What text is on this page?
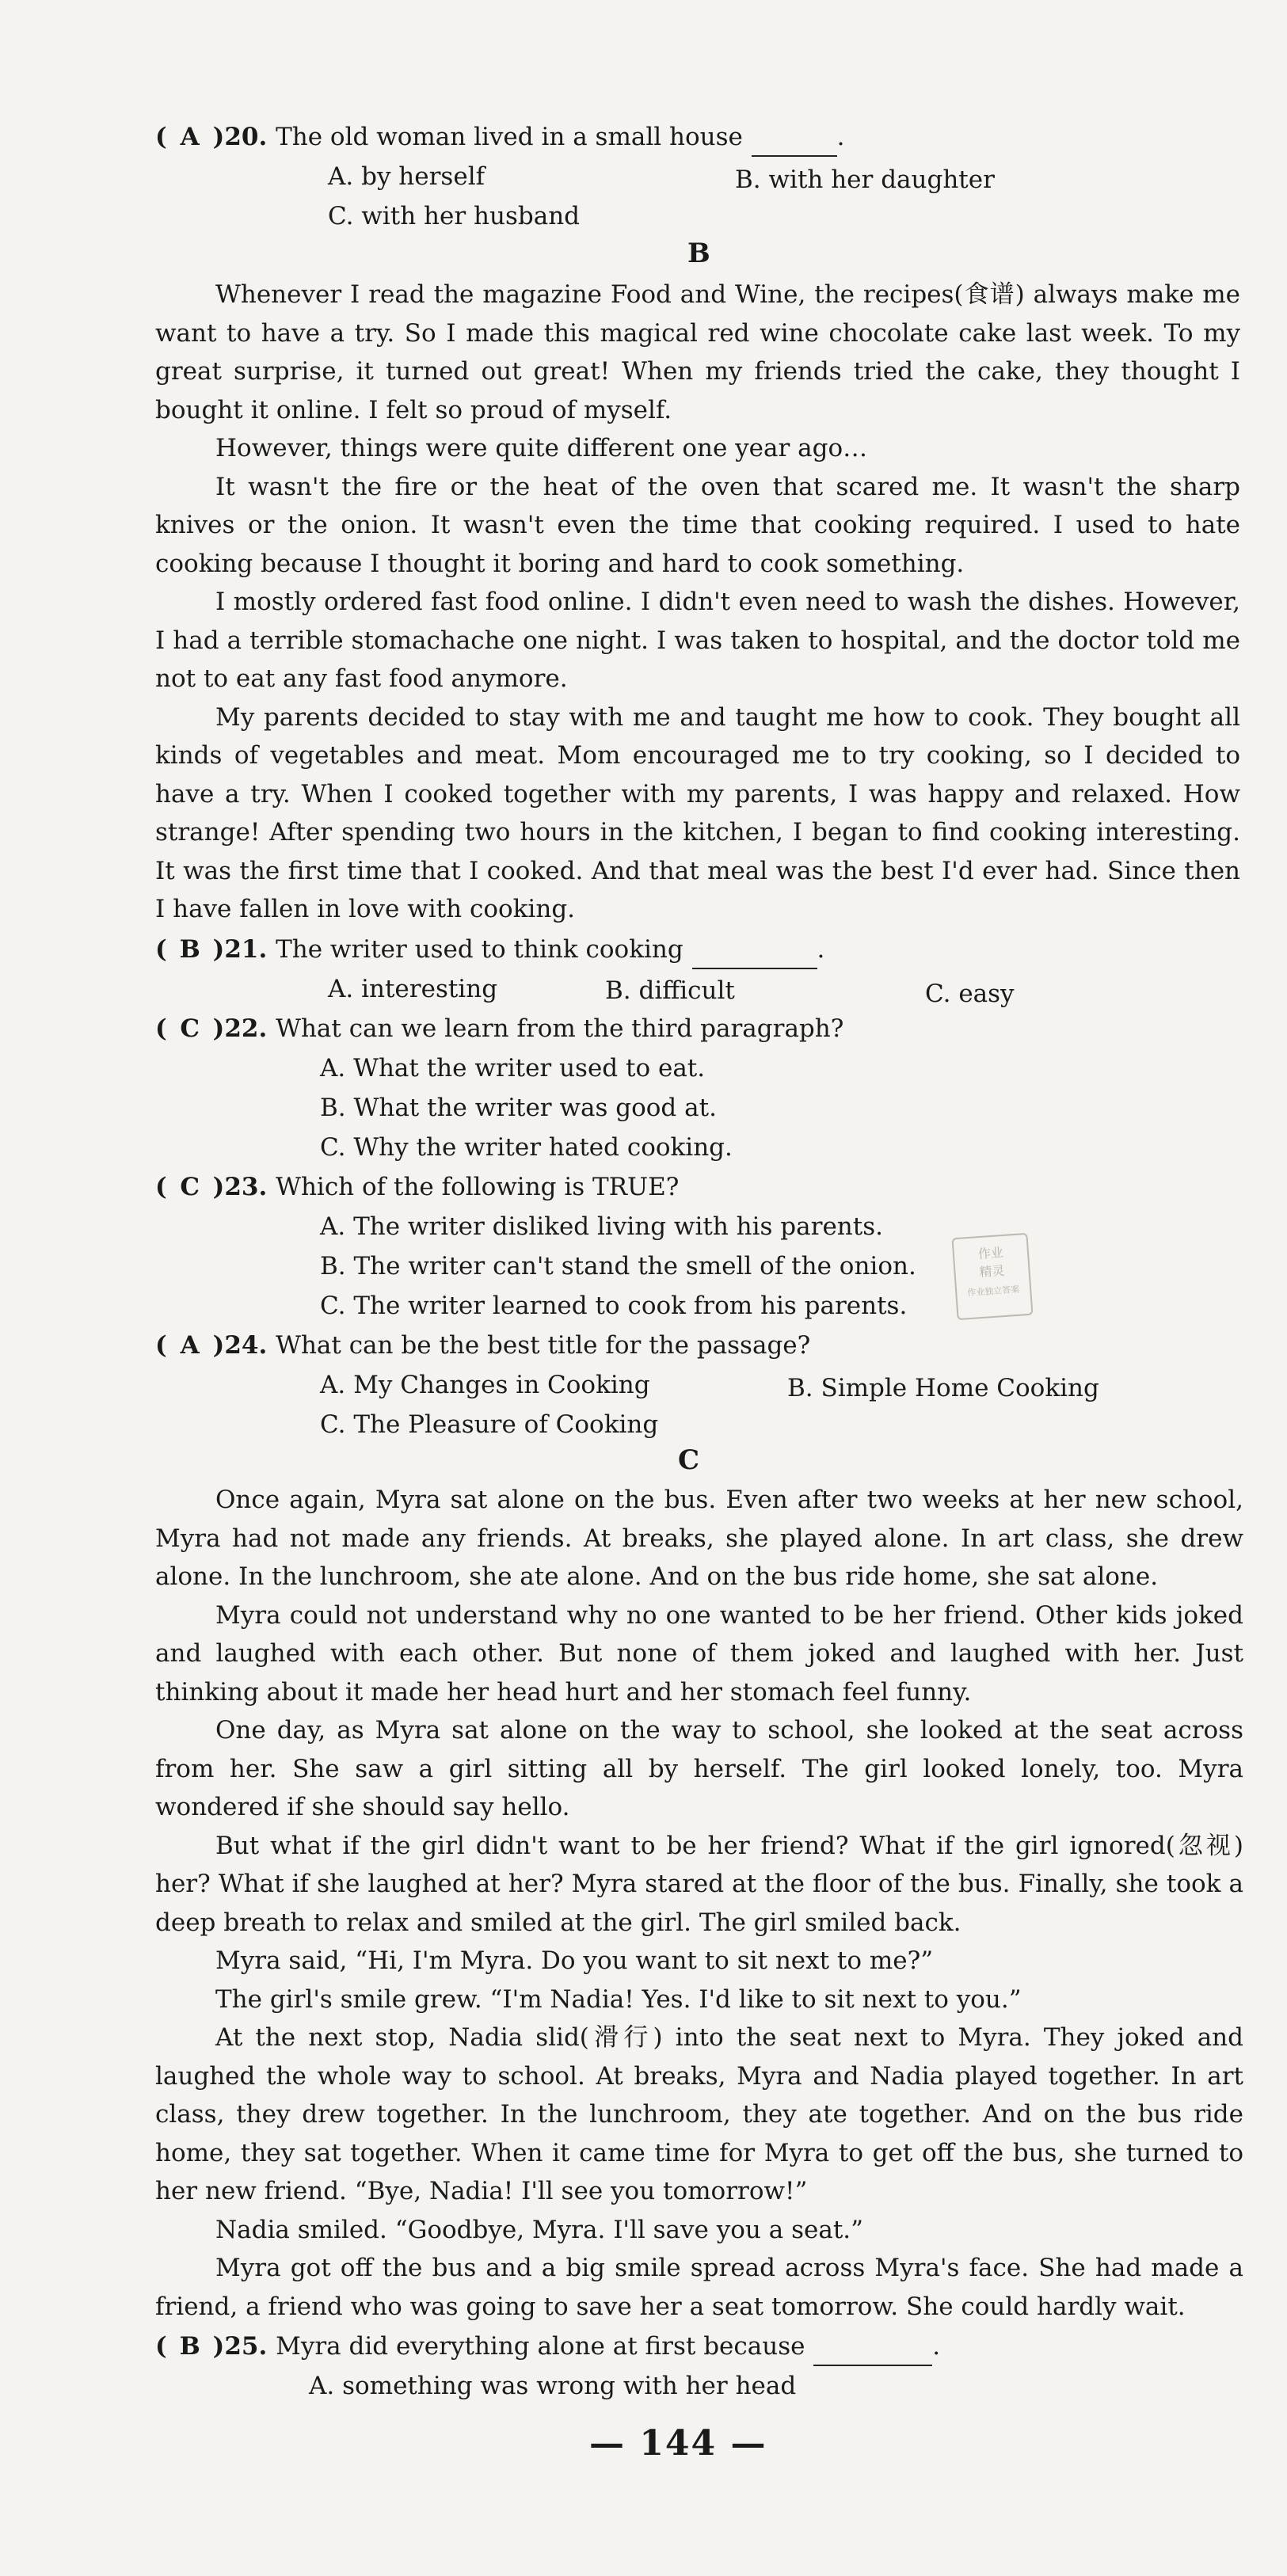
作业
精灵
作业独立答案
( A )20. The old woman lived in a small house	.
A. by herself	B. with her daughter
C. with her husband
B

Whenever I read the magazine Food and Wine, the recipes(食谱) always make me want to have a try. So I made this magical red wine chocolate cake last week. To my great surprise, it turned out great! When my friends tried the cake, they thought I bought it online. I felt so proud of myself.

However, things were quite different one year ago…

It wasn't the fire or the heat of the oven that scared me. It wasn't the sharp knives or the onion. It wasn't even the time that cooking required. I used to hate cooking because I thought it boring and hard to cook something.

I mostly ordered fast food online. I didn't even need to wash the dishes. However, I had a terrible stomachache one night. I was taken to hospital, and the doctor told me not to eat any fast food anymore.

My parents decided to stay with me and taught me how to cook. They bought all kinds of vegetables and meat. Mom encouraged me to try cooking, so I decided to have a try. When I cooked together with my parents, I was happy and relaxed. How strange! After spending two hours in the kitchen, I began to find cooking interesting. It was the first time that I cooked. And that meal was the best I'd ever had. Since then I have fallen in love with cooking.

( B )21. The writer used to think cooking	.
A. interesting	B. difficult	C. easy
( C )22. What can we learn from the third paragraph?
A. What the writer used to eat.
B. What the writer was good at.
C. Why the writer hated cooking.
( C )23. Which of the following is TRUE?
A. The writer disliked living with his parents.
B. The writer can't stand the smell of the onion.
C. The writer learned to cook from his parents.
( A )24. What can be the best title for the passage?
A. My Changes in Cooking	B. Simple Home Cooking
C. The Pleasure of Cooking
C

Once again, Myra sat alone on the bus. Even after two weeks at her new school, Myra had not made any friends. At breaks, she played alone. In art class, she drew alone. In the lunchroom, she ate alone. And on the bus ride home, she sat alone.

Myra could not understand why no one wanted to be her friend. Other kids joked and laughed with each other. But none of them joked and laughed with her. Just thinking about it made her head hurt and her stomach feel funny.

One day, as Myra sat alone on the way to school, she looked at the seat across from her. She saw a girl sitting all by herself. The girl looked lonely, too. Myra wondered if she should say hello.

But what if the girl didn't want to be her friend? What if the girl ignored(忽视) her? What if she laughed at her? Myra stared at the floor of the bus. Finally, she took a deep breath to relax and smiled at the girl. The girl smiled back.

Myra said, “Hi, I'm Myra. Do you want to sit next to me?”

The girl's smile grew. “I'm Nadia! Yes. I'd like to sit next to you.”

At the next stop, Nadia slid(滑行) into the seat next to Myra. They joked and laughed the whole way to school. At breaks, Myra and Nadia played together. In art class, they drew together. In the lunchroom, they ate together. And on the bus ride home, they sat together. When it came time for Myra to get off the bus, she turned to her new friend. “Bye, Nadia! I'll see you tomorrow!”

Nadia smiled. “Goodbye, Myra. I'll save you a seat.”

Myra got off the bus and a big smile spread across Myra's face. She had made a friend, a friend who was going to save her a seat tomorrow. She could hardly wait.

( B )25. Myra did everything alone at first because	.
A. something was wrong with her head
— 144 —
